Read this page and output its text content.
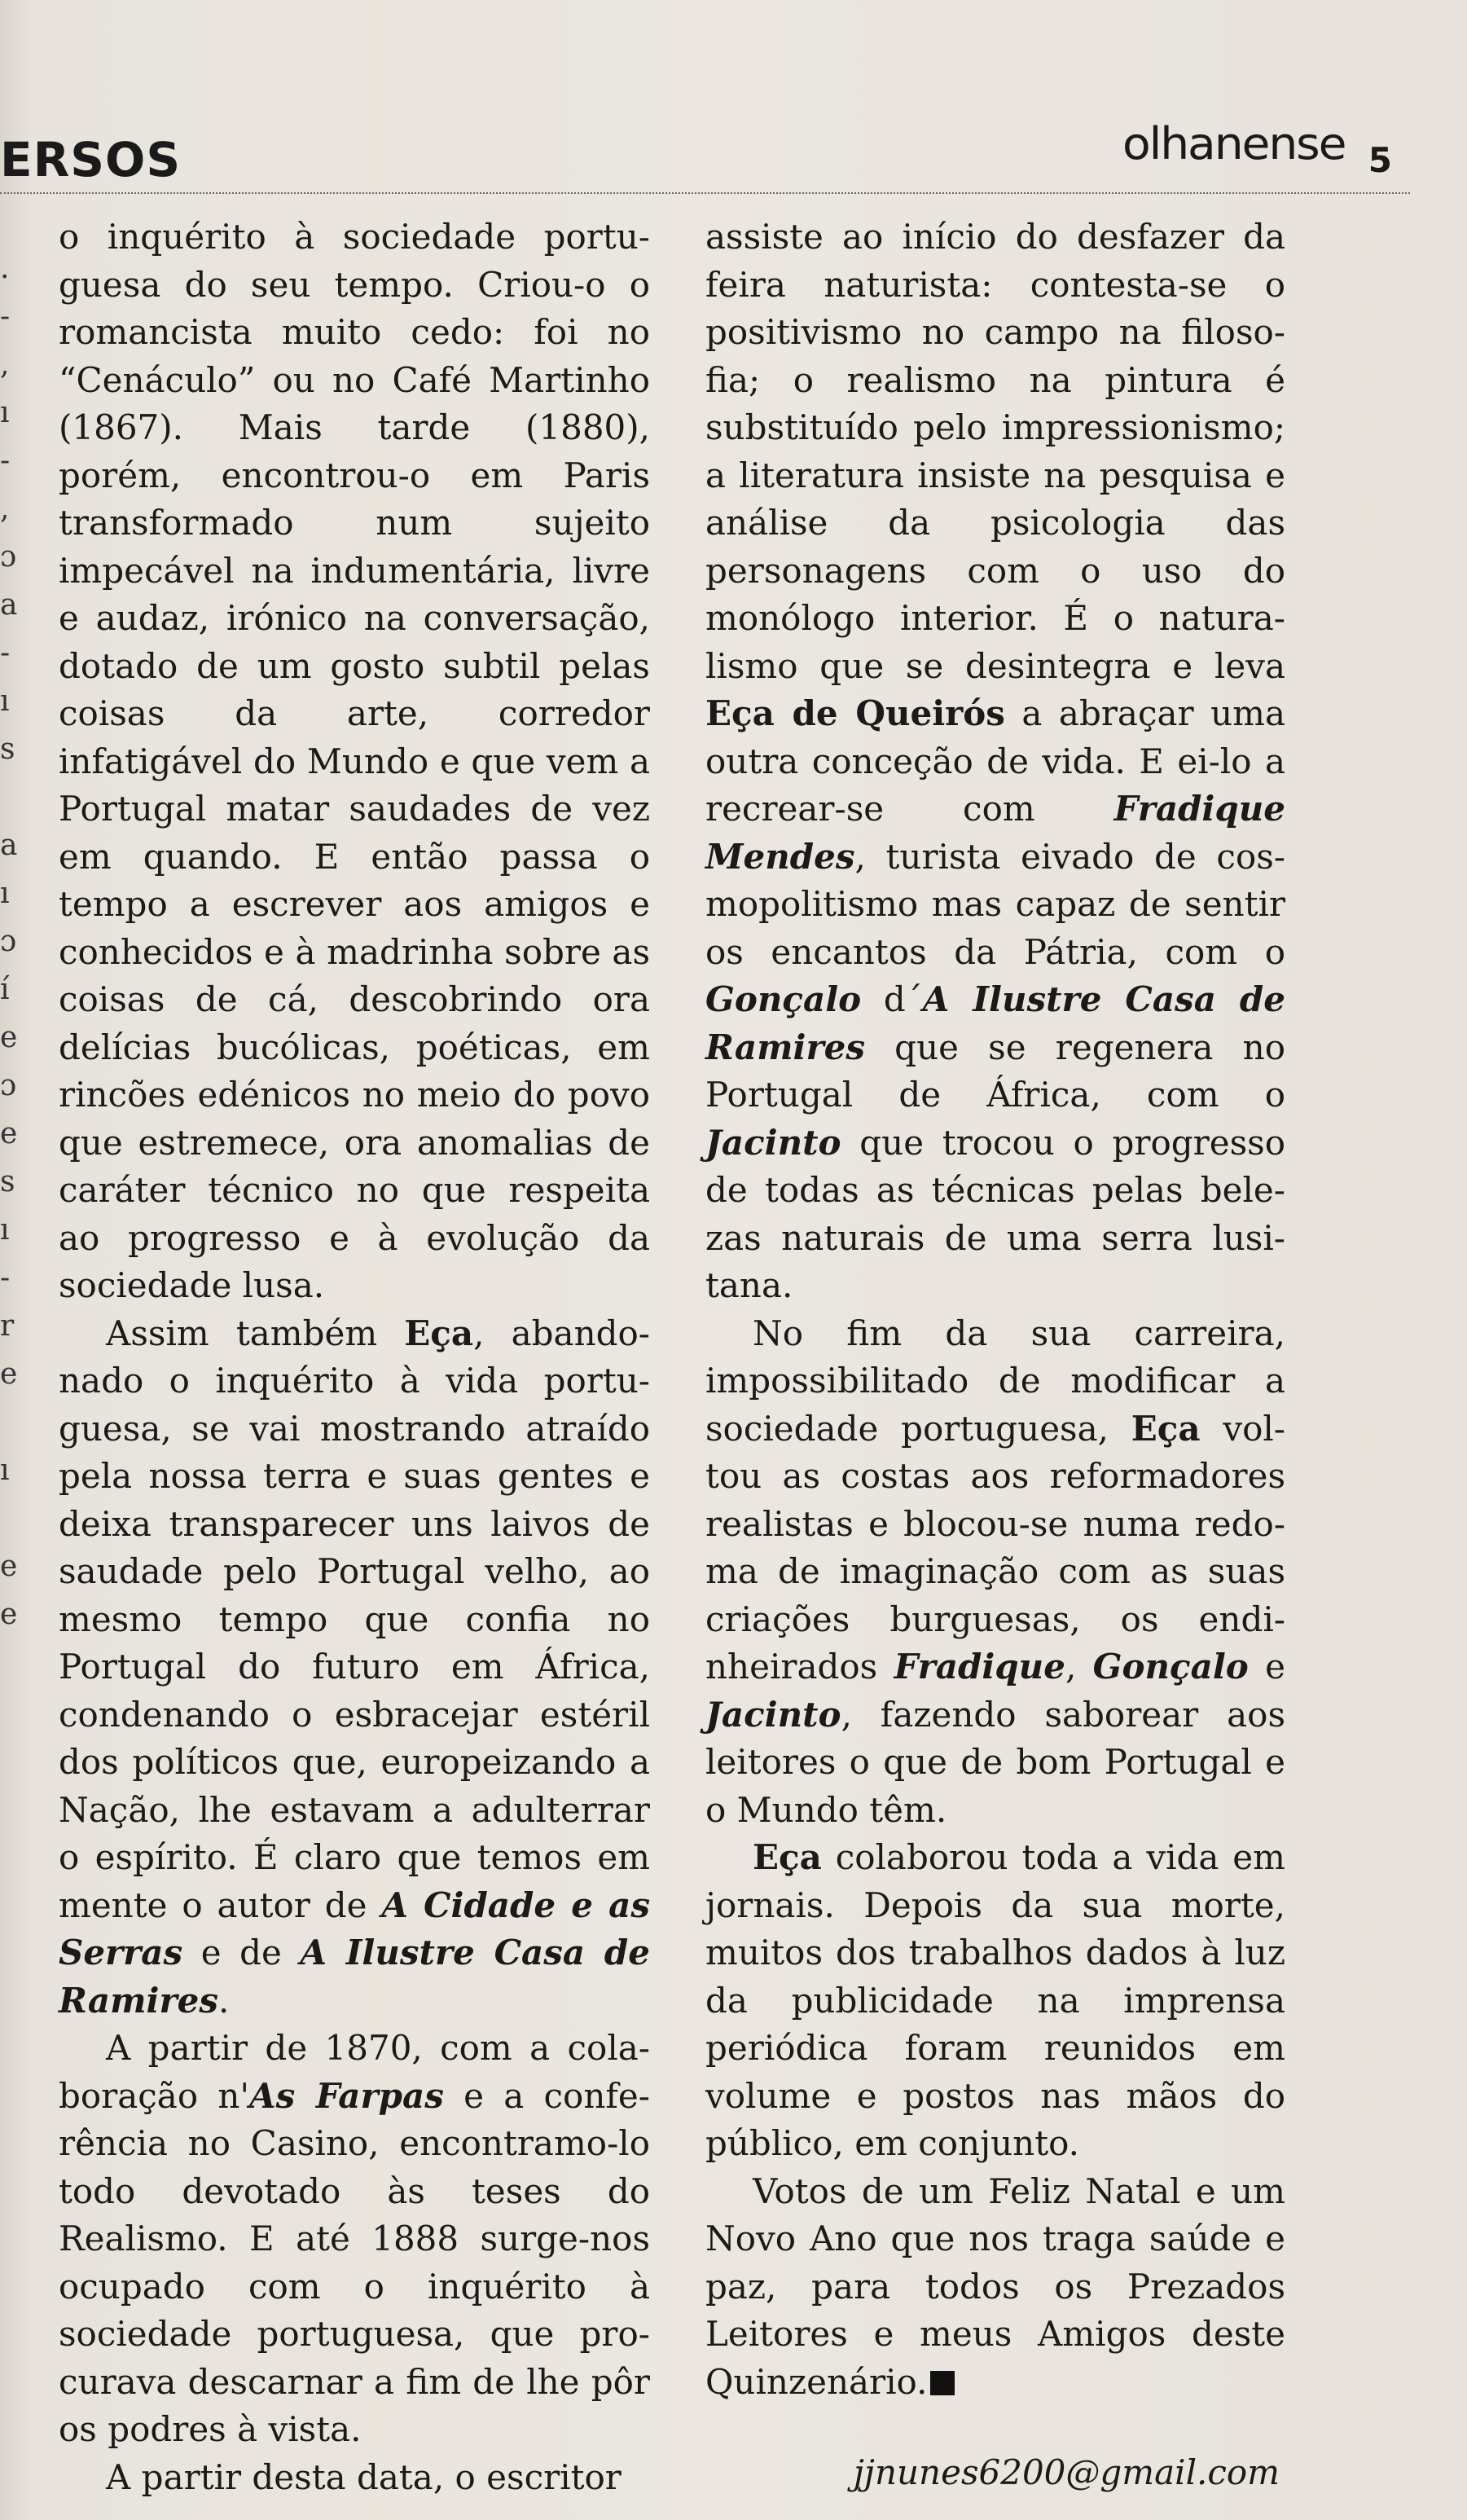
ERSOS	olhanense 5
.
-
,
ı
-
,
ɔ
a
-
ı
s

a
ı
ɔ
í
e
ɔ
e
s
ı
-
r
e

ı

e
e

o inquérito à sociedade portuguesa do seu tempo. Criou-o o romancista muito cedo: foi no “Cenáculo” ou no Café Martinho (1867). Mais tarde (1880), porém, encontrou-o em Paris transformado num sujeito impecável na indumentária, livre e audaz, irónico na conversação, dotado de um gosto subtil pelas coisas da arte, corredor infatigável do Mundo e que vem a Portugal matar saudades de vez em quando. E então passa o tempo a escrever aos amigos e conhecidos e à madrinha sobre as coisas de cá, descobrindo ora delícias bucólicas, poéticas, em rincões edénicos no meio do povo que estremece, ora anomalias de caráter técnico no que respeita ao progresso e à evolução da sociedade lusa.

Assim também Eça, abandonado o inquérito à vida portuguesa, se vai mostrando atraído pela nossa terra e suas gentes e deixa transparecer uns laivos de saudade pelo Portugal velho, ao mesmo tempo que confia no Portugal do futuro em África, condenando o esbracejar estéril dos políticos que, europeizando a Nação, lhe estavam a adulterrar o espírito. É claro que temos em mente o autor de A Cidade e as Serras e de A Ilustre Casa de Ramires.

A partir de 1870, com a colaboração n'As Farpas e a conferência no Casino, encontramo-lo todo devotado às teses do Realismo. E até 1888 surge-nos ocupado com o inquérito à sociedade portuguesa, que procurava descarnar a fim de lhe pôr os podres à vista.

A partir desta data, o escritor

assiste ao início do desfazer da feira naturista: contesta-se o positivismo no campo na filosofia; o realismo na pintura é substituído pelo impressionismo; a literatura insiste na pesquisa e análise da psicologia das personagens com o uso do monólogo interior. É o naturalismo que se desintegra e leva Eça de Queirós a abraçar uma outra conceção de vida. E ei-lo a recrear-se com Fradique Mendes, turista eivado de cosmopolitismo mas capaz de sentir os encantos da Pátria, com o Gonçalo d´A Ilustre Casa de Ramires que se regenera no Portugal de África, com o Jacinto que trocou o progresso de todas as técnicas pelas belezas naturais de uma serra lusitana.

No fim da sua carreira, impossibilitado de modificar a sociedade portuguesa, Eça voltou as costas aos reformadores realistas e blocou-se numa redoma de imaginação com as suas criações burguesas, os endinheirados Fradique, Gonçalo e Jacinto, fazendo saborear aos leitores o que de bom Portugal e o Mundo têm.

Eça colaborou toda a vida em jornais. Depois da sua morte, muitos dos trabalhos dados à luz da publicidade na imprensa periódica foram reunidos em volume e postos nas mãos do público, em conjunto.

Votos de um Feliz Natal e um Novo Ano que nos traga saúde e paz, para todos os Prezados Leitores e meus Amigos deste Quinzenário.

jjnunes6200@gmail.com
